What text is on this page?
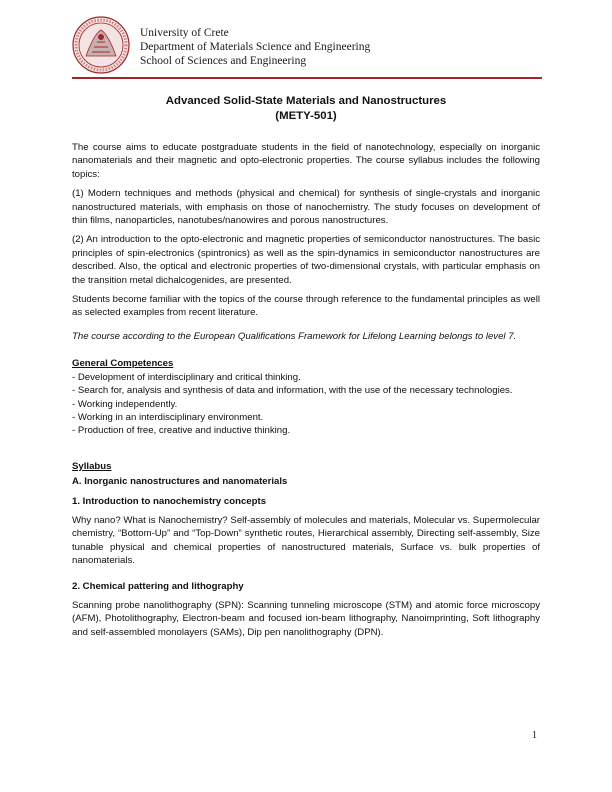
University of Crete
Department of Materials Science and Engineering
School of Sciences and Engineering
Advanced Solid-State Materials and Nanostructures
(METY-501)

The course aims to educate postgraduate students in the field of nanotechnology, especially on inorganic nanomaterials and their magnetic and opto-electronic properties. The course syllabus includes the following topics:

(1) Modern techniques and methods (physical and chemical) for synthesis of single-crystals and inorganic nanostructured materials, with emphasis on those of nanochemistry. The study focuses on development of thin films, nanoparticles, nanotubes/nanowires and porous nanostructures.

(2) An introduction to the opto-electronic and magnetic properties of semiconductor nanostructures. The basic principles of spin-electronics (spintronics) as well as the spin-dynamics in semiconductor nanostructures are described. Also, the optical and electronic properties of two-dimensional crystals, with particular emphasis on the transition metal dichalcogenides, are presented.

Students become familiar with the topics of the course through reference to the fundamental principles as well as selected examples from recent literature.

The course according to the European Qualifications Framework for Lifelong Learning belongs to level 7.

General Competences
- Development of interdisciplinary and critical thinking.
- Search for, analysis and synthesis of data and information, with the use of the necessary technologies.
- Working independently.
- Working in an interdisciplinary environment.
- Production of free, creative and inductive thinking.
Syllabus
A. Inorganic nanostructures and nanomaterials
1. Introduction to nanochemistry concepts

Why nano? What is Nanochemistry? Self-assembly of molecules and materials, Molecular vs. Supermolecular chemistry, “Bottom-Up” and “Top-Down” synthetic routes, Hierarchical assembly, Directing self-assembly, Size tunable physical and chemical properties of nanostructured materials, Surface vs. bulk properties of nanomaterials.

2. Chemical pattering and lithography

Scanning probe nanolithography (SPN): Scanning tunneling microscope (STM) and atomic force microscopy (AFM), Photolithography, Electron-beam and focused ion-beam lithography, Nanoimprinting, Soft lithography and self-assembled monolayers (SAMs), Dip pen nanolithography (DPN).

1
